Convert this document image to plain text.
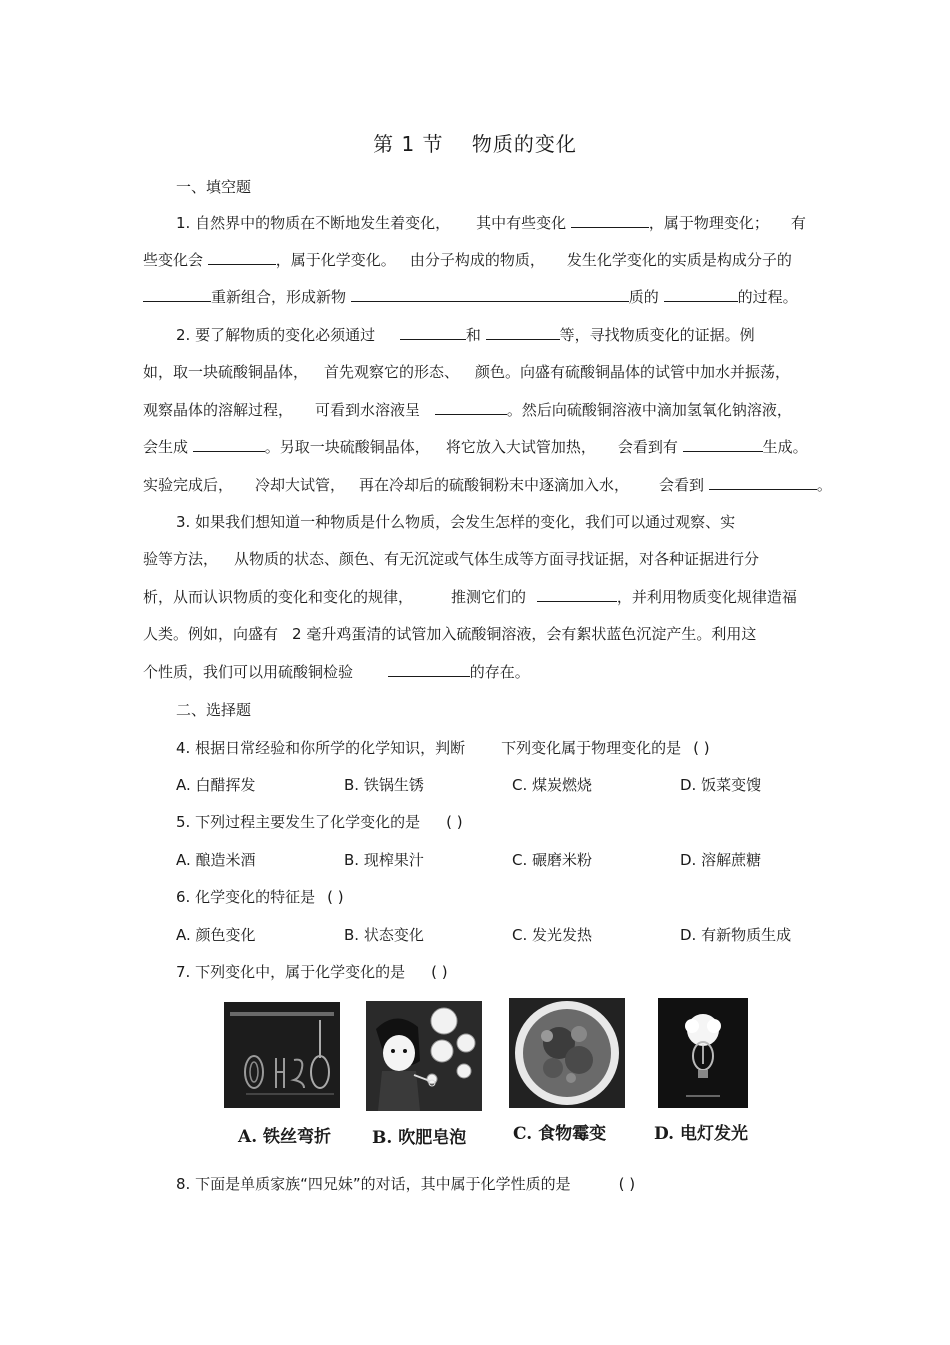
第 1 节　 物质的变化
一、填空题
1. 自然界中的物质在不断地发生着变化， 其中有些变化	，属于物理变化； 有
些变化会	，属于化学变化。 由分子构成的物质， 发生化学变化的实质是构成分子的
重新组合，形成新物	质的	的过程。
2. 要了解物质的变化必须通过	和	等，寻找物质变化的证据。例
如，取一块硫酸铜晶体， 首先观察它的形态、 颜色。向盛有硫酸铜晶体的试管中加水并振荡，
观察晶体的溶解过程， 可看到水溶液呈	。然后向硫酸铜溶液中滴加氢氧化钠溶液，
会生成	。另取一块硫酸铜晶体， 将它放入大试管加热， 会看到有	生成。
实验完成后， 冷却大试管， 再在冷却后的硫酸铜粉末中逐滴加入水， 会看到	。
3. 如果我们想知道一种物质是什么物质，会发生怎样的变化，我们可以通过观察、实
验等方法， 从物质的状态、颜色、有无沉淀或气体生成等方面寻找证据，对各种证据进行分
析，从而认识物质的变化和变化的规律，	推测它们的	，并利用物质变化规律造福
人类。例如，向盛有 2 毫升鸡蛋清的试管加入硫酸铜溶液，会有絮状蓝色沉淀产生。利用这
个性质，我们可以用硫酸铜检验	的存在。
二、选择题
4. 根据日常经验和你所学的化学知识，判断 下列变化属于物理变化的是 ( )
A. 白醋挥发	B. 铁锅生锈	C. 煤炭燃烧	D. 饭菜变馊
5. 下列过程主要发生了化学变化的是 ( )
A. 酿造米酒	B. 现榨果汁	C. 碾磨米粉	D. 溶解蔗糖
6. 化学变化的特征是 ( )
A. 颜色变化	B. 状态变化	C. 发光发热	D. 有新物质生成
7. 下列变化中，属于化学变化的是 ( )
A. 铁丝弯折 B. 吹肥皂泡	C. 食物霉变	D. 电灯发光
8. 下面是单质家族“四兄妹”的对话，其中属于化学性质的是	( )
